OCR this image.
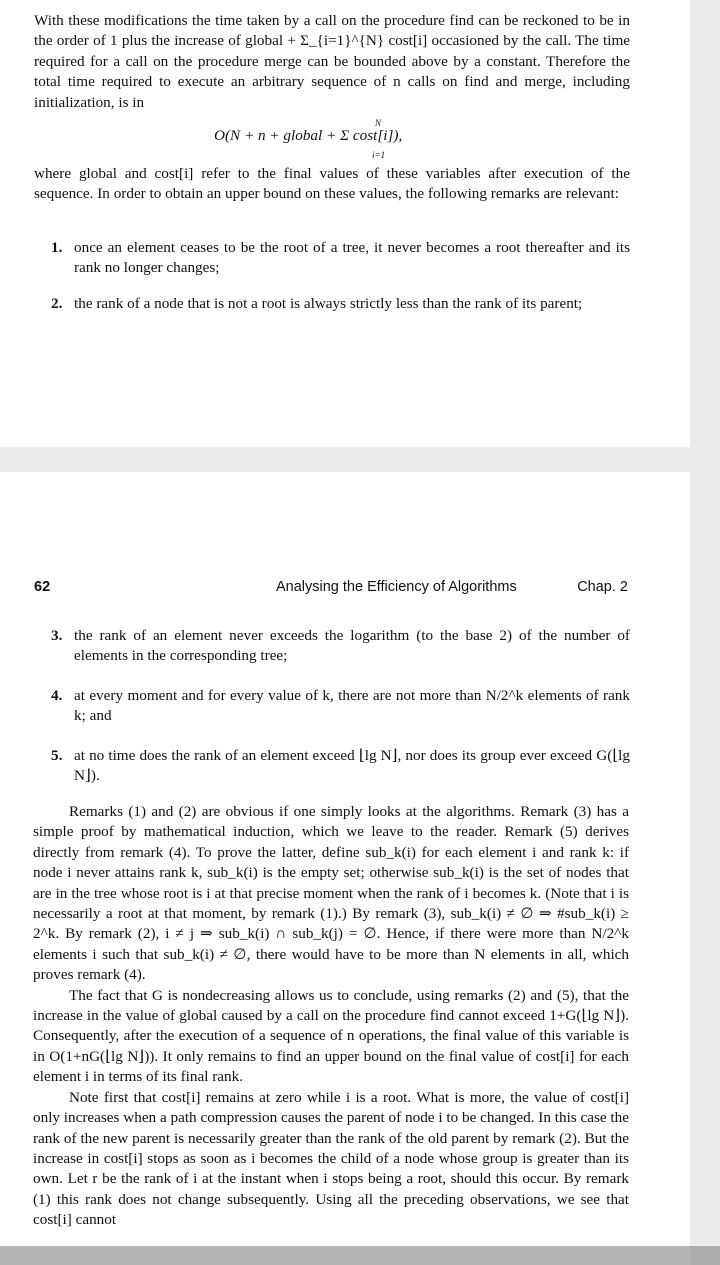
With these modifications the time taken by a call on the procedure find can be reckoned to be in the order of 1 plus the increase of global + Σ_{i=1}^{N} cost[i] occasioned by the call. The time required for a call on the procedure merge can be bounded above by a constant. Therefore the total time required to execute an arbitrary sequence of n calls on find and merge, including initialization, is in

O(N + n + global + Σ cost[i]),
N
i=1

where global and cost[i] refer to the final values of these variables after execution of the sequence. In order to obtain an upper bound on these values, the following remarks are relevant:

1. once an element ceases to be the root of a tree, it never becomes a root thereafter and its rank no longer changes;
2. the rank of a node that is not a root is always strictly less than the rank of its parent;
62	Analysing the Efficiency of Algorithms	Chap. 2
3. the rank of an element never exceeds the logarithm (to the base 2) of the number of elements in the corresponding tree;
4. at every moment and for every value of k, there are not more than N/2^k elements of rank k; and
5. at no time does the rank of an element exceed ⌊lg N⌋, nor does its group ever exceed G(⌊lg N⌋).

Remarks (1) and (2) are obvious if one simply looks at the algorithms. Remark (3) has a simple proof by mathematical induction, which we leave to the reader. Remark (5) derives directly from remark (4). To prove the latter, define sub_k(i) for each element i and rank k: if node i never attains rank k, sub_k(i) is the empty set; otherwise sub_k(i) is the set of nodes that are in the tree whose root is i at that precise moment when the rank of i becomes k. (Note that i is necessarily a root at that moment, by remark (1).) By remark (3), sub_k(i) ≠ ∅ ⇒ #sub_k(i) ≥ 2^k. By remark (2), i ≠ j ⇒ sub_k(i) ∩ sub_k(j) = ∅. Hence, if there were more than N/2^k elements i such that sub_k(i) ≠ ∅, there would have to be more than N elements in all, which proves remark (4).

The fact that G is nondecreasing allows us to conclude, using remarks (2) and (5), that the increase in the value of global caused by a call on the procedure find cannot exceed 1+G(⌊lg N⌋). Consequently, after the execution of a sequence of n operations, the final value of this variable is in O(1+nG(⌊lg N⌋)). It only remains to find an upper bound on the final value of cost[i] for each element i in terms of its final rank.

Note first that cost[i] remains at zero while i is a root. What is more, the value of cost[i] only increases when a path compression causes the parent of node i to be changed. In this case the rank of the new parent is necessarily greater than the rank of the old parent by remark (2). But the increase in cost[i] stops as soon as i becomes the child of a node whose group is greater than its own. Let r be the rank of i at the instant when i stops being a root, should this occur. By remark (1) this rank does not change subsequently. Using all the preceding observations, we see that cost[i] cannot
